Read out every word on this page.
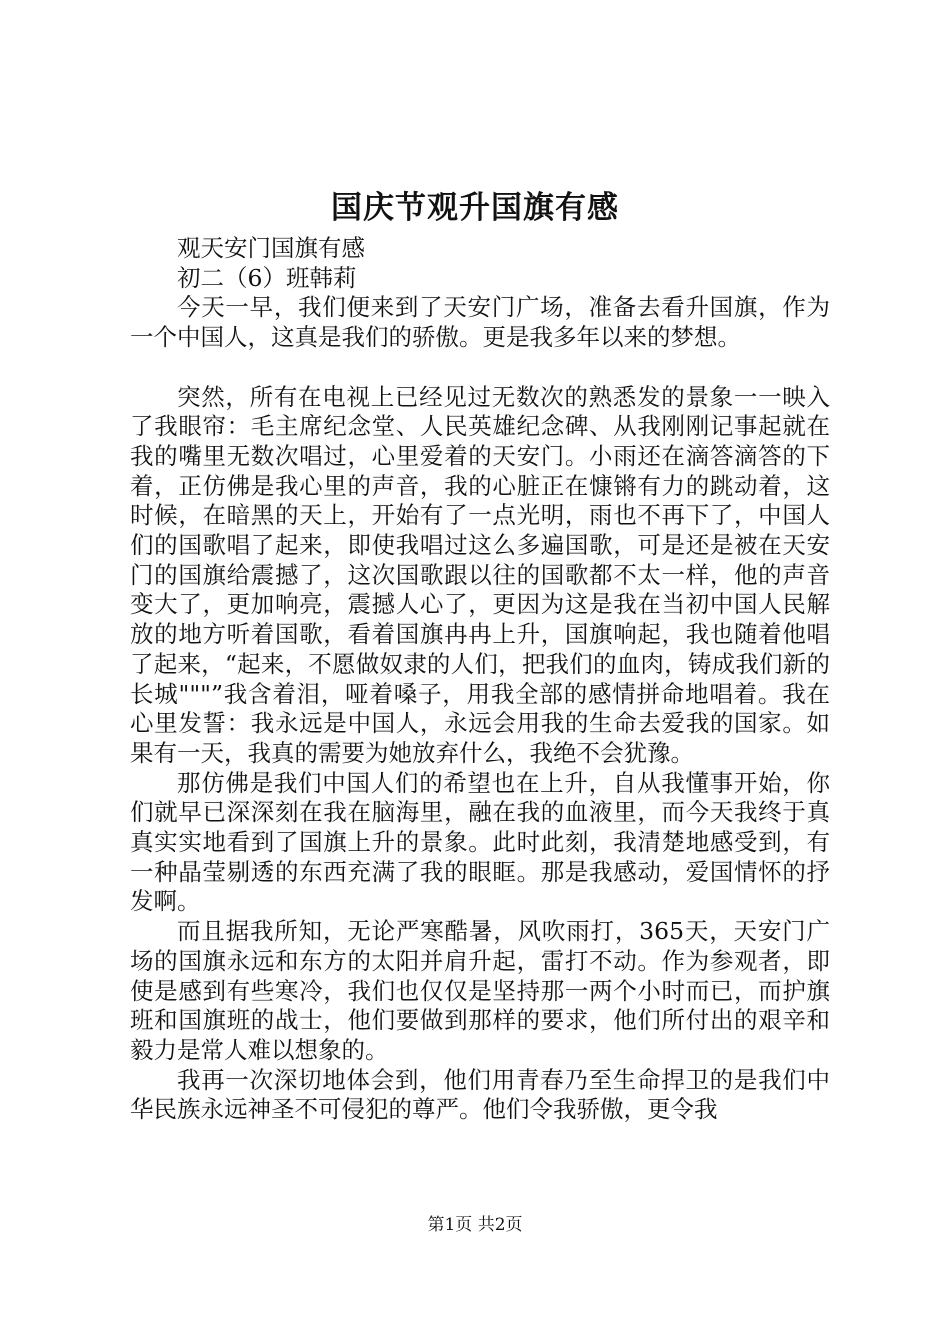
国庆节观升国旗有感

观天安门国旗有感

初二（6）班韩莉

今天一早，我们便来到了天安门广场，准备去看升国旗，作为一个中国人，这真是我们的骄傲。更是我多年以来的梦想。

突然，所有在电视上已经见过无数次的熟悉发的景象一一映入了我眼帘：毛主席纪念堂、人民英雄纪念碑、从我刚刚记事起就在我的嘴里无数次唱过，心里爱着的天安门。小雨还在滴答滴答的下着，正仿佛是我心里的声音，我的心脏正在慷锵有力的跳动着，这时候，在暗黑的天上，开始有了一点光明，雨也不再下了，中国人们的国歌唱了起来，即使我唱过这么多遍国歌，可是还是被在天安门的国旗给震撼了，这次国歌跟以往的国歌都不太一样，他的声音变大了，更加响亮，震撼人心了，更因为这是我在当初中国人民解放的地方听着国歌，看着国旗冉冉上升，国旗响起，我也随着他唱了起来，“起来，不愿做奴隶的人们，把我们的血肉，铸成我们新的长城"""”我含着泪，哑着嗓子，用我全部的感情拼命地唱着。我在心里发誓：我永远是中国人，永远会用我的生命去爱我的国家。如果有一天，我真的需要为她放弃什么，我绝不会犹豫。

那仿佛是我们中国人们的希望也在上升，自从我懂事开始，你们就早已深深刻在我在脑海里，融在我的血液里，而今天我终于真真实实地看到了国旗上升的景象。此时此刻，我清楚地感受到，有一种晶莹剔透的东西充满了我的眼眶。那是我感动，爱国情怀的抒发啊。

而且据我所知，无论严寒酷暑，风吹雨打，365天，天安门广场的国旗永远和东方的太阳并肩升起，雷打不动。作为参观者，即使是感到有些寒冷，我们也仅仅是坚持那一两个小时而已，而护旗班和国旗班的战士，他们要做到那样的要求，他们所付出的艰辛和毅力是常人难以想象的。

我再一次深切地体会到，他们用青春乃至生命捍卫的是我们中华民族永远神圣不可侵犯的尊严。他们令我骄傲，更令我

第1页 共2页
